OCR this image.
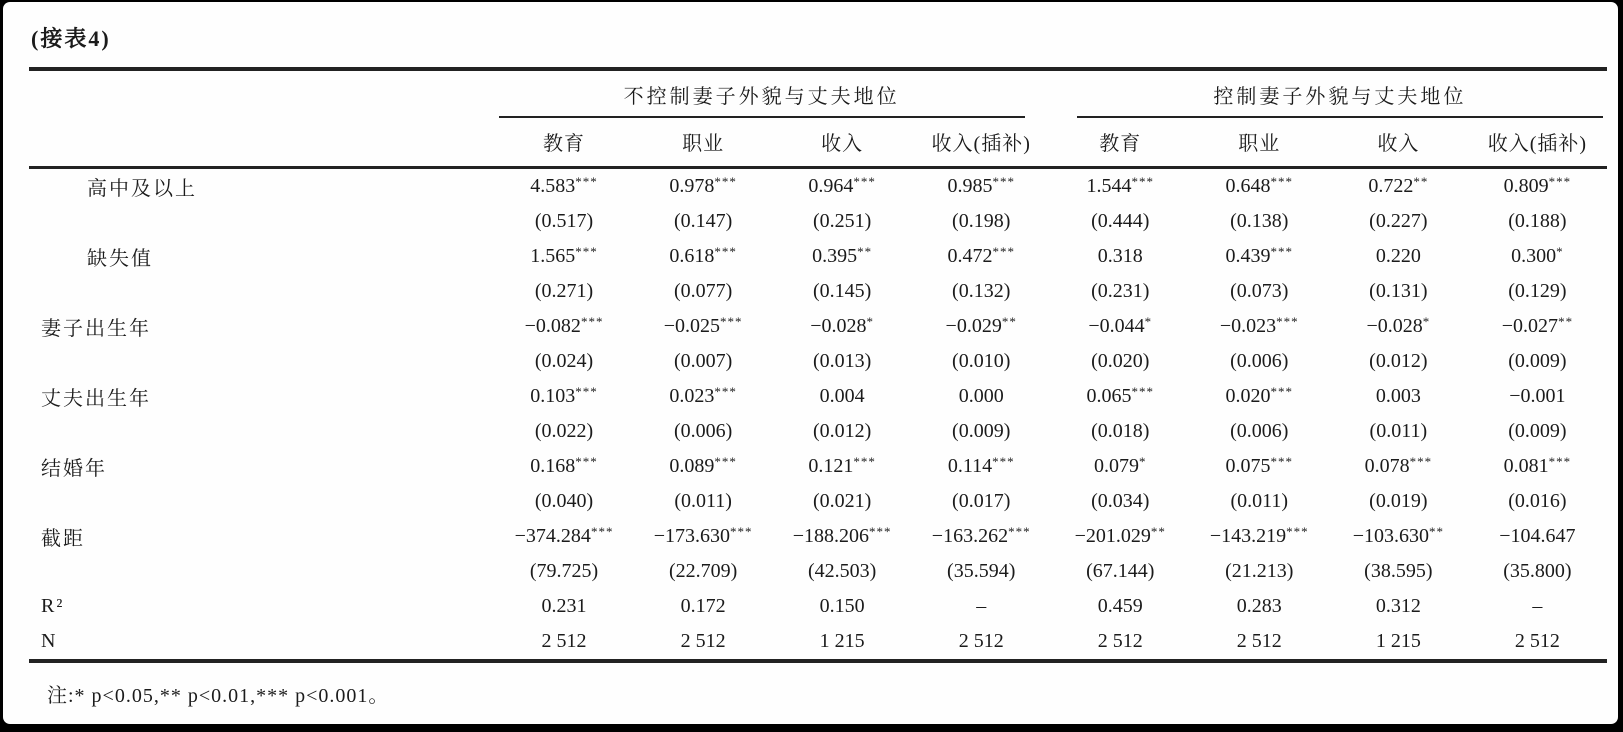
(接表4)

	不控制妻子外貌与丈夫地位				控制妻子外貌与丈夫地位			

	教育	职业	收入	收入(插补)	教育	职业	收入	收入(插补)
高中及以上	4.583***	0.978***	0.964***	0.985***	1.544***	0.648***	0.722**	0.809***
	(0.517)	(0.147)	(0.251)	(0.198)	(0.444)	(0.138)	(0.227)	(0.188)
缺失值	1.565***	0.618***	0.395**	0.472***	0.318	0.439***	0.220	0.300*
	(0.271)	(0.077)	(0.145)	(0.132)	(0.231)	(0.073)	(0.131)	(0.129)
妻子出生年	−0.082***	−0.025***	−0.028*	−0.029**	−0.044*	−0.023***	−0.028*	−0.027**
	(0.024)	(0.007)	(0.013)	(0.010)	(0.020)	(0.006)	(0.012)	(0.009)
丈夫出生年	0.103***	0.023***	0.004	0.000	0.065***	0.020***	0.003	−0.001
	(0.022)	(0.006)	(0.012)	(0.009)	(0.018)	(0.006)	(0.011)	(0.009)
结婚年	0.168***	0.089***	0.121***	0.114***	0.079*	0.075***	0.078***	0.081***
	(0.040)	(0.011)	(0.021)	(0.017)	(0.034)	(0.011)	(0.019)	(0.016)
截距	−374.284***	−173.630***	−188.206***	−163.262***	−201.029**	−143.219***	−103.630**	−104.647
	(79.725)	(22.709)	(42.503)	(35.594)	(67.144)	(21.213)	(38.595)	(35.800)
R²	0.231	0.172	0.150	–	0.459	0.283	0.312	–
N	2 512	2 512	1 215	2 512	2 512	2 512	1 215	2 512
注:* p<0.05,** p<0.01,*** p<0.001。
